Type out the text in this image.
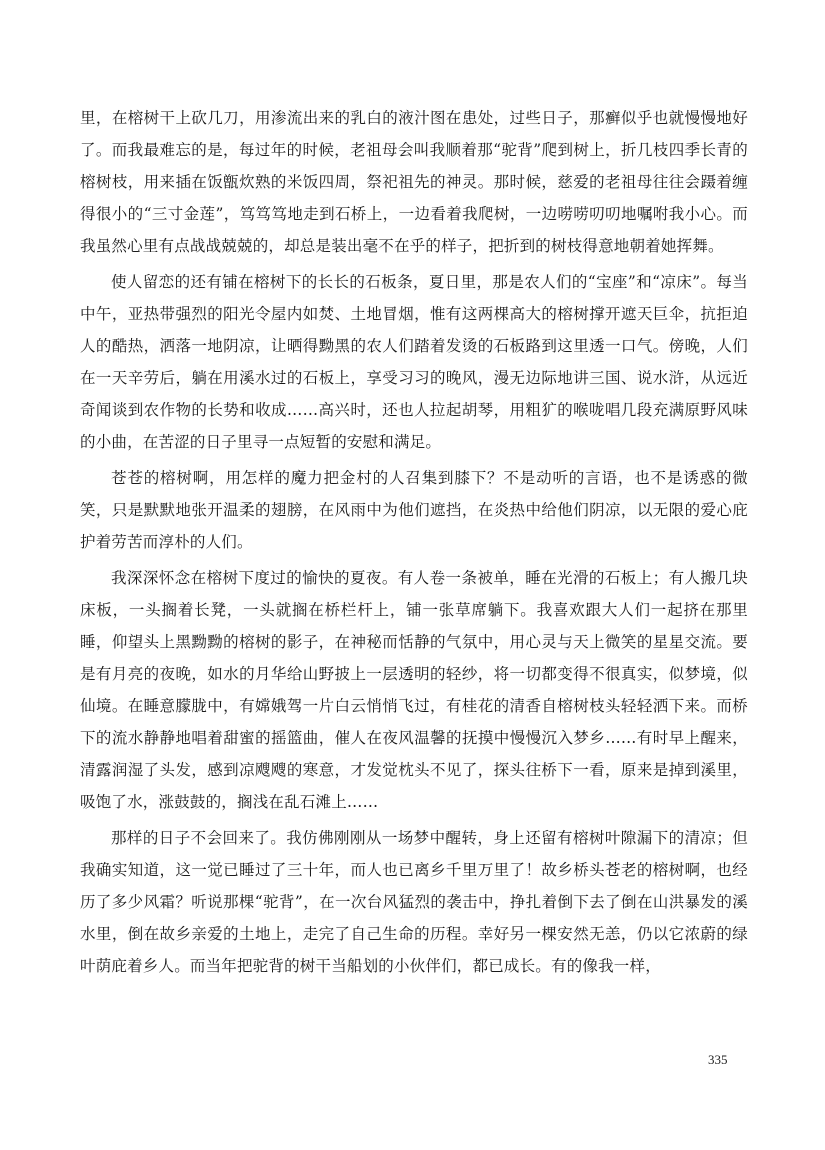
里，在榕树干上砍几刀，用渗流出来的乳白的液汁图在患处，过些日子，那癣似乎也就慢慢地好了。而我最难忘的是，每过年的时候，老祖母会叫我顺着那“驼背”爬到树上，折几枝四季长青的榕树枝，用来插在饭甑炊熟的米饭四周，祭祀祖先的神灵。那时候，慈爱的老祖母往往会蹑着缠得很小的“三寸金莲”，笃笃笃地走到石桥上，一边看着我爬树，一边唠唠叨叨地嘱咐我小心。而我虽然心里有点战战兢兢的，却总是装出毫不在乎的样子，把折到的树枝得意地朝着她挥舞。

使人留恋的还有铺在榕树下的长长的石板条，夏日里，那是农人们的“宝座”和“凉床”。每当中午，亚热带强烈的阳光令屋内如焚、土地冒烟，惟有这两棵高大的榕树撑开遮天巨伞，抗拒迫人的酷热，洒落一地阴凉，让晒得黝黑的农人们踏着发烫的石板路到这里透一口气。傍晚，人们在一天辛劳后，躺在用溪水过的石板上，享受习习的晚风，漫无边际地讲三国、说水浒，从远近奇闻谈到农作物的长势和收成……高兴时，还也人拉起胡琴，用粗犷的喉咙唱几段充满原野风味的小曲，在苦涩的日子里寻一点短暂的安慰和满足。

苍苍的榕树啊，用怎样的魔力把金村的人召集到膝下？不是动听的言语，也不是诱惑的微笑，只是默默地张开温柔的翅膀，在风雨中为他们遮挡，在炎热中给他们阴凉，以无限的爱心庇护着劳苦而淳朴的人们。

我深深怀念在榕树下度过的愉快的夏夜。有人卷一条被单，睡在光滑的石板上；有人搬几块床板，一头搁着长凳，一头就搁在桥栏杆上，铺一张草席躺下。我喜欢跟大人们一起挤在那里睡，仰望头上黑黝黝的榕树的影子，在神秘而恬静的气氛中，用心灵与天上微笑的星星交流。要是有月亮的夜晚，如水的月华给山野披上一层透明的轻纱，将一切都变得不很真实，似梦境，似仙境。在睡意朦胧中，有嫦娥驾一片白云悄悄飞过，有桂花的清香自榕树枝头轻轻洒下来。而桥下的流水静静地唱着甜蜜的摇篮曲，催人在夜风温馨的抚摸中慢慢沉入梦乡……有时早上醒来，清露润湿了头发，感到凉飕飕的寒意，才发觉枕头不见了，探头往桥下一看，原来是掉到溪里，吸饱了水，涨鼓鼓的，搁浅在乱石滩上……

那样的日子不会回来了。我仿佛刚刚从一场梦中醒转，身上还留有榕树叶隙漏下的清凉；但我确实知道，这一觉已睡过了三十年，而人也已离乡千里万里了！故乡桥头苍老的榕树啊，也经历了多少风霜？听说那棵“驼背”，在一次台风猛烈的袭击中，挣扎着倒下去了倒在山洪暴发的溪水里，倒在故乡亲爱的土地上，走完了自己生命的历程。幸好另一棵安然无恙，仍以它浓蔚的绿叶荫庇着乡人。而当年把驼背的树干当船划的小伙伴们，都已成长。有的像我一样，

335
